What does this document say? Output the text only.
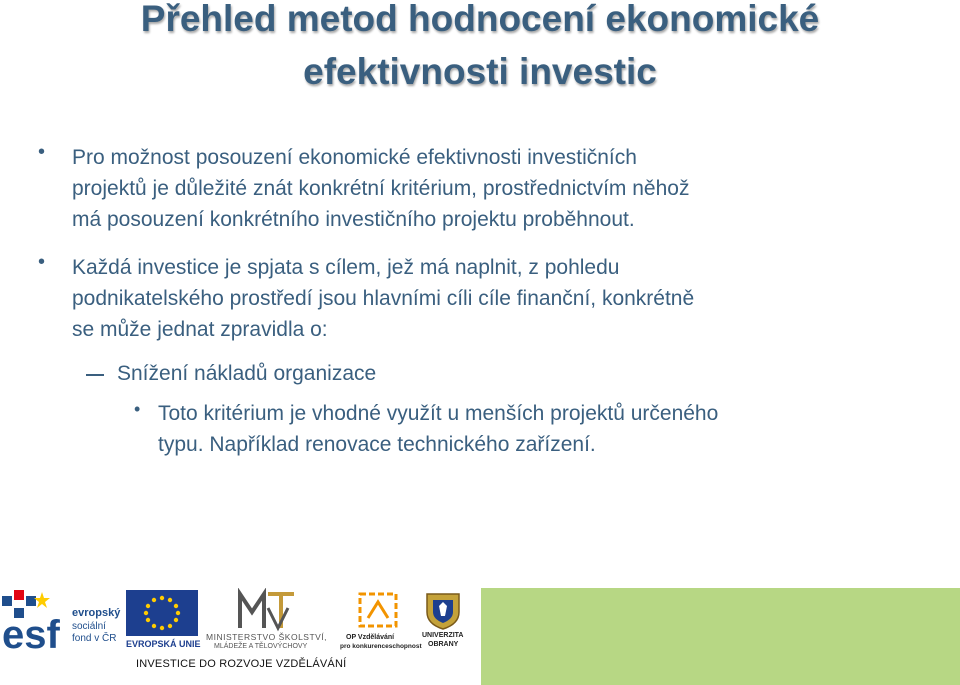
Přehled metod hodnocení ekonomické
efektivnosti investic
• Pro možnost posouzení ekonomické efektivnosti investičních
projektů je důležité znát konkrétní kritérium, prostřednictvím něhož
má posouzení konkrétního investičního projektu proběhnout.
• Každá investice je spjata s cílem, jež má naplnit, z pohledu
podnikatelského prostředí jsou hlavními cíli cíle finanční, konkrétně
se může jednat zpravidla o:
Snížení nákladů organizace
• Toto kritérium je vhodné využít u menších projektů určeného
typu. Například renovace technického zařízení.
esf evropský
sociální
fond v ČR EVROPSKÁ UNIE
MINISTERSTVO ŠKOLSTVÍ,
MLÁDEŽE A TĚLOVÝCHOVY
OP Vzdělávání
pro konkurenceschopnost
UNIVERZITA
OBRANY
INVESTICE DO ROZVOJE VZDĚLÁVÁNÍ
